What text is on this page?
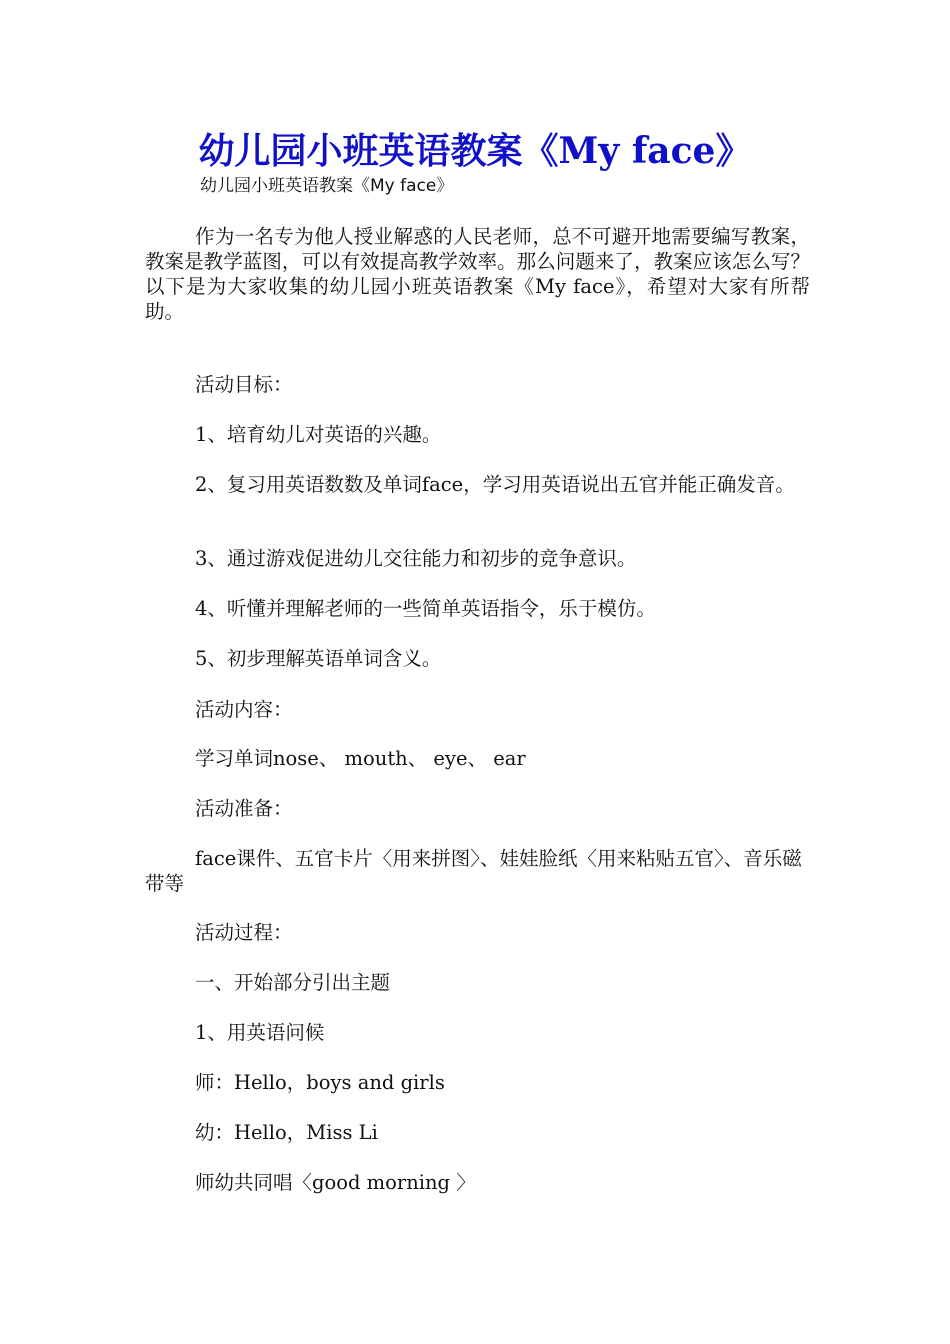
幼儿园小班英语教案《My face》
幼儿园小班英语教案《My face》
作为一名专为他人授业解惑的人民老师，总不可避开地需要编写教案，教案是教学蓝图，可以有效提高教学效率。那么问题来了，教案应该怎么写？以下是为大家收集的幼儿园小班英语教案《My face》，希望对大家有所帮助。
活动目标：
1、培育幼儿对英语的兴趣。
2、复习用英语数数及单词face，学习用英语说出五官并能正确发音。
3、通过游戏促进幼儿交往能力和初步的竞争意识。
4、听懂并理解老师的一些简单英语指令，乐于模仿。
5、初步理解英语单词含义。
活动内容：
学习单词nose、 mouth、 eye、 ear
活动准备：
face课件、五官卡片〈用来拼图〉、娃娃脸纸〈用来粘贴五官〉、音乐磁带等
活动过程：
一、开始部分引出主题
1、用英语问候
师：Hello，boys and girls
幼：Hello，Miss Li
师幼共同唱〈good morning 〉
